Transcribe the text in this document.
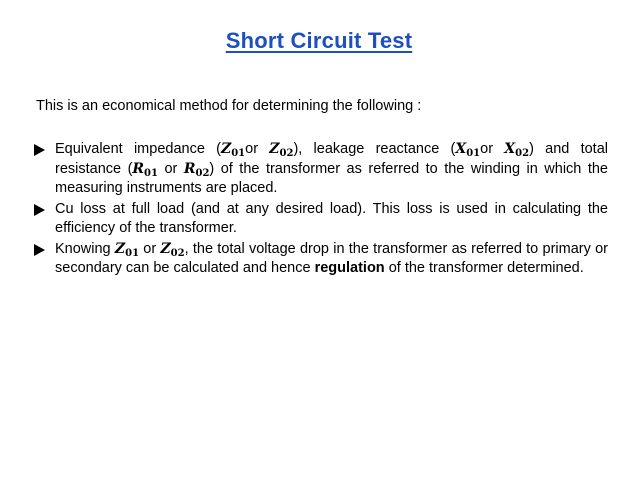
Short Circuit Test
This is an economical method for determining the following :
Equivalent impedance ($Z_{01}or$ $Z_{02}$), leakage reactance ($X_{01}or$ $X_{02}$) and total resistance ($R_{01}$ or $R_{02}$) of the transformer as referred to the winding in which the measuring instruments are placed.
Cu loss at full load (and at any desired load). This loss is used in calculating the efficiency of the transformer.
Knowing $Z_{01}$ or $Z_{02}$, the total voltage drop in the transformer as referred to primary or secondary can be calculated and hence regulation of the transformer determined.
